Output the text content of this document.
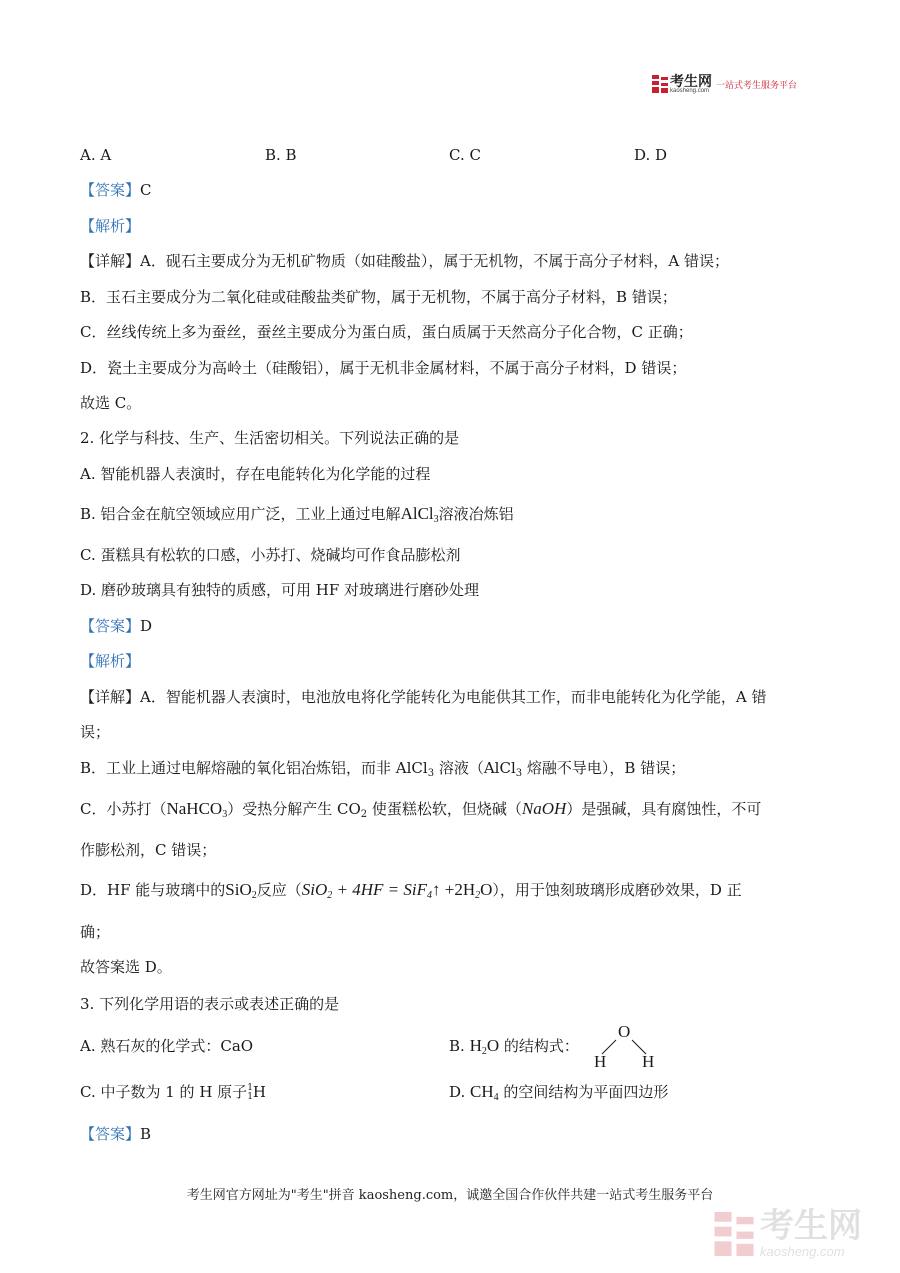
考生网
kaosheng.com
一站式考生服务平台
A. A	B. B	C. C	D. D
【答案】C
【解析】
【详解】A．砚石主要成分为无机矿物质（如硅酸盐），属于无机物，不属于高分子材料，A 错误；
B．玉石主要成分为二氧化硅或硅酸盐类矿物，属于无机物，不属于高分子材料，B 错误；
C．丝线传统上多为蚕丝，蚕丝主要成分为蛋白质，蛋白质属于天然高分子化合物，C 正确；
D．瓷土主要成分为高岭土（硅酸铝），属于无机非金属材料，不属于高分子材料，D 错误；
故选 C。
2. 化学与科技、生产、生活密切相关。下列说法正确的是
A. 智能机器人表演时，存在电能转化为化学能的过程
B. 铝合金在航空领域应用广泛，工业上通过电解AlCl$_3$溶液冶炼铝
C. 蛋糕具有松软的口感，小苏打、烧碱均可作食品膨松剂
D. 磨砂玻璃具有独特的质感，可用 HF 对玻璃进行磨砂处理
【答案】D
【解析】
【详解】A．智能机器人表演时，电池放电将化学能转化为电能供其工作，而非电能转化为化学能，A 错
误；
B．工业上通过电解熔融的氧化铝冶炼铝，而非 AlCl$_3$ 溶液（AlCl$_3$ 熔融不导电），B 错误；
C．小苏打（NaHCO$_3$）受热分解产生 $CO_2$ 使蛋糕松软，但烧碱（NaOH）是强碱，具有腐蚀性，不可
作膨松剂，C 错误；
D．HF 能与玻璃中的SiO$_2$反应（SiO$_2$ + 4HF = SiF$_4$↑ $+2H_2O$），用于蚀刻玻璃形成磨砂效果，D 正
确；
故答案选 D。
3. 下列化学用语的表示或表述正确的是
A. 熟石灰的化学式：CaO	B. $H_2O$ 的结构式：
O
H H
C. 中子数为 1 的 H 原子 1
1 H	D. $CH_4$ 的空间结构为平面四边形
【答案】B
考生网官方网址为"考生"拼音 kaosheng.com，诚邀全国合作伙伴共建一站式考生服务平台
考生网
kaosheng.com
